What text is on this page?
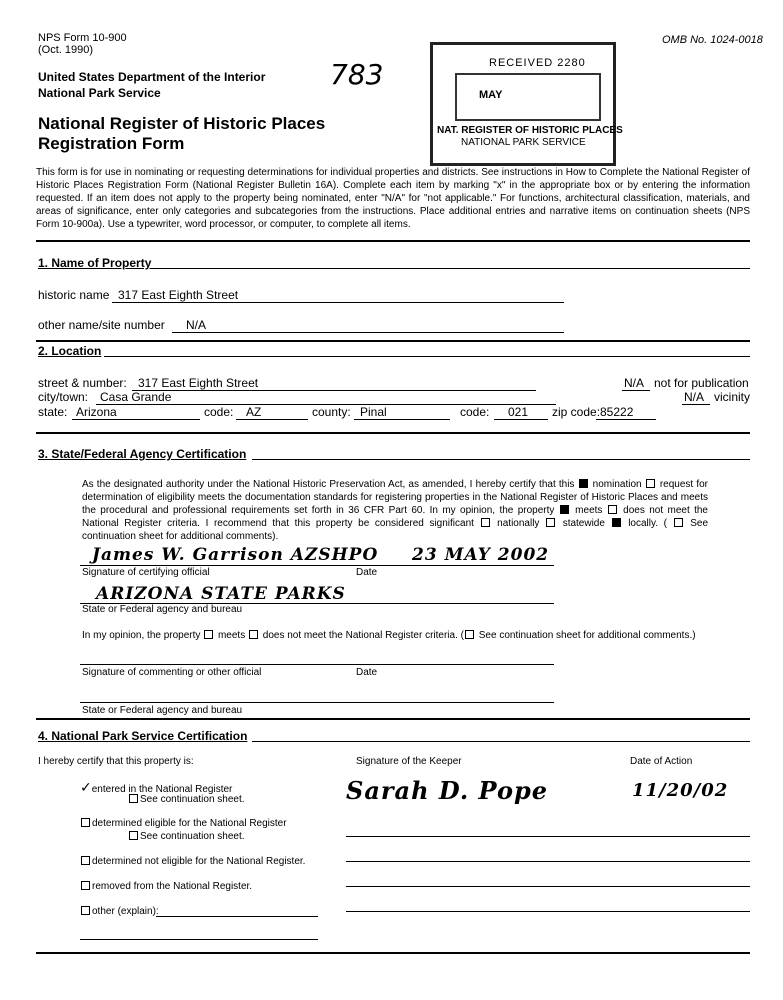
NPS Form 10-900
(Oct. 1990)
OMB No. 1024-0018
United States Department of the Interior
National Park Service
783
National Register of Historic Places
Registration Form
RECEIVED 2280
MAY
NAT. REGISTER OF HISTORIC PLACES
NATIONAL PARK SERVICE
This form is for use in nominating or requesting determinations for individual properties and districts. See instructions in How to Complete the National Register of Historic Places Registration Form (National Register Bulletin 16A). Complete each item by marking "x" in the appropriate box or by entering the information requested. If an item does not apply to the property being nominated, enter "N/A" for "not applicable." For functions, architectural classification, materials, and areas of significance, enter only categories and subcategories from the instructions. Place additional entries and narrative items on continuation sheets (NPS Form 10-900a). Use a typewriter, word processor, or computer, to complete all items.
1. Name of Property
historic name 317 East Eighth Street
other name/site number N/A
2. Location
street & number: 317 East Eighth Street	N/A not for publication
city/town: Casa Grande	N/A vicinity
state: Arizona	code: AZ	county: Pinal	code: 021 zip code: 85222
3. State/Federal Agency Certification
As the designated authority under the National Historic Preservation Act, as amended, I hereby certify that this nomination request for determination of eligibility meets the documentation standards for registering properties in the National Register of Historic Places and meets the procedural and professional requirements set forth in 36 CFR Part 60. In my opinion, the property meets does not meet the National Register criteria. I recommend that this property be considered significant nationally statewide locally. ( See continuation sheet for additional comments).
James W. Garrison AZSHPO 23 MAY 2002
Signature of certifying official	Date
ARIZONA STATE PARKS
State or Federal agency and bureau
In my opinion, the property meets does not meet the National Register criteria. ( See continuation sheet for additional comments.)
Signature of commenting or other official	Date
State or Federal agency and bureau
4. National Park Service Certification
I hereby certify that this property is:	Signature of the Keeper	Date of Action
✓entered in the National Register
See continuation sheet.	Sarah D. Pope	11/20/02
determined eligible for the National Register
See continuation sheet.
determined not eligible for the National Register.
removed from the National Register.
other (explain):
